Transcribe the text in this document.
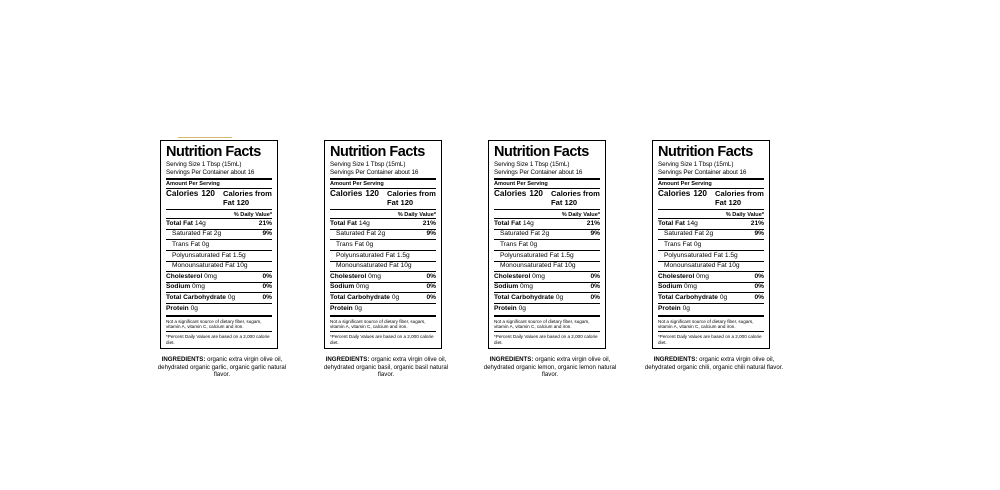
Nutrition Facts
Serving Size 1 Tbsp (15mL)
Servings Per Container about 16
Amount Per Serving
Calories 120 Calories from Fat 120
% Daily Value*
Total Fat 14g	21%
Saturated Fat 2g	9%
Trans Fat 0g
Polyunsaturated Fat 1.5g
Monounsaturated Fat 10g
Cholesterol 0mg	0%
Sodium 0mg	0%
Total Carbohydrate 0g	0%
Protein 0g
Not a significant source of dietary fiber, sugars, vitamin A, vitamin C, calcium and iron.
*Percent Daily Values are based on a 2,000 calorie diet.
INGREDIENTS: organic extra virgin olive oil, dehydrated organic garlic, organic garlic natural flavor.
Nutrition Facts
Serving Size 1 Tbsp (15mL)
Servings Per Container about 16
Amount Per Serving
Calories 120 Calories from Fat 120
% Daily Value*
Total Fat 14g	21%
Saturated Fat 2g	9%
Trans Fat 0g
Polyunsaturated Fat 1.5g
Monounsaturated Fat 10g
Cholesterol 0mg	0%
Sodium 0mg	0%
Total Carbohydrate 0g	0%
Protein 0g
Not a significant source of dietary fiber, sugars, vitamin A, vitamin C, calcium and iron.
*Percent Daily Values are based on a 2,000 calorie diet.
INGREDIENTS: organic extra virgin olive oil, dehydrated organic basil, organic basil natural flavor.
Nutrition Facts
Serving Size 1 Tbsp (15mL)
Servings Per Container about 16
Amount Per Serving
Calories 120 Calories from Fat 120
% Daily Value*
Total Fat 14g	21%
Saturated Fat 2g	9%
Trans Fat 0g
Polyunsaturated Fat 1.5g
Monounsaturated Fat 10g
Cholesterol 0mg	0%
Sodium 0mg	0%
Total Carbohydrate 0g	0%
Protein 0g
Not a significant source of dietary fiber, sugars, vitamin A, vitamin C, calcium and iron.
*Percent Daily Values are based on a 2,000 calorie diet.
INGREDIENTS: organic extra virgin olive oil, dehydrated organic lemon, organic lemon natural flavor.
Nutrition Facts
Serving Size 1 Tbsp (15mL)
Servings Per Container about 16
Amount Per Serving
Calories 120 Calories from Fat 120
% Daily Value*
Total Fat 14g	21%
Saturated Fat 2g	9%
Trans Fat 0g
Polyunsaturated Fat 1.5g
Monounsaturated Fat 10g
Cholesterol 0mg	0%
Sodium 0mg	0%
Total Carbohydrate 0g	0%
Protein 0g
Not a significant source of dietary fiber, sugars, vitamin A, vitamin C, calcium and iron.
*Percent Daily Values are based on a 2,000 calorie diet.
INGREDIENTS: organic extra virgin olive oil, dehydrated organic chili, organic chili natural flavor.
